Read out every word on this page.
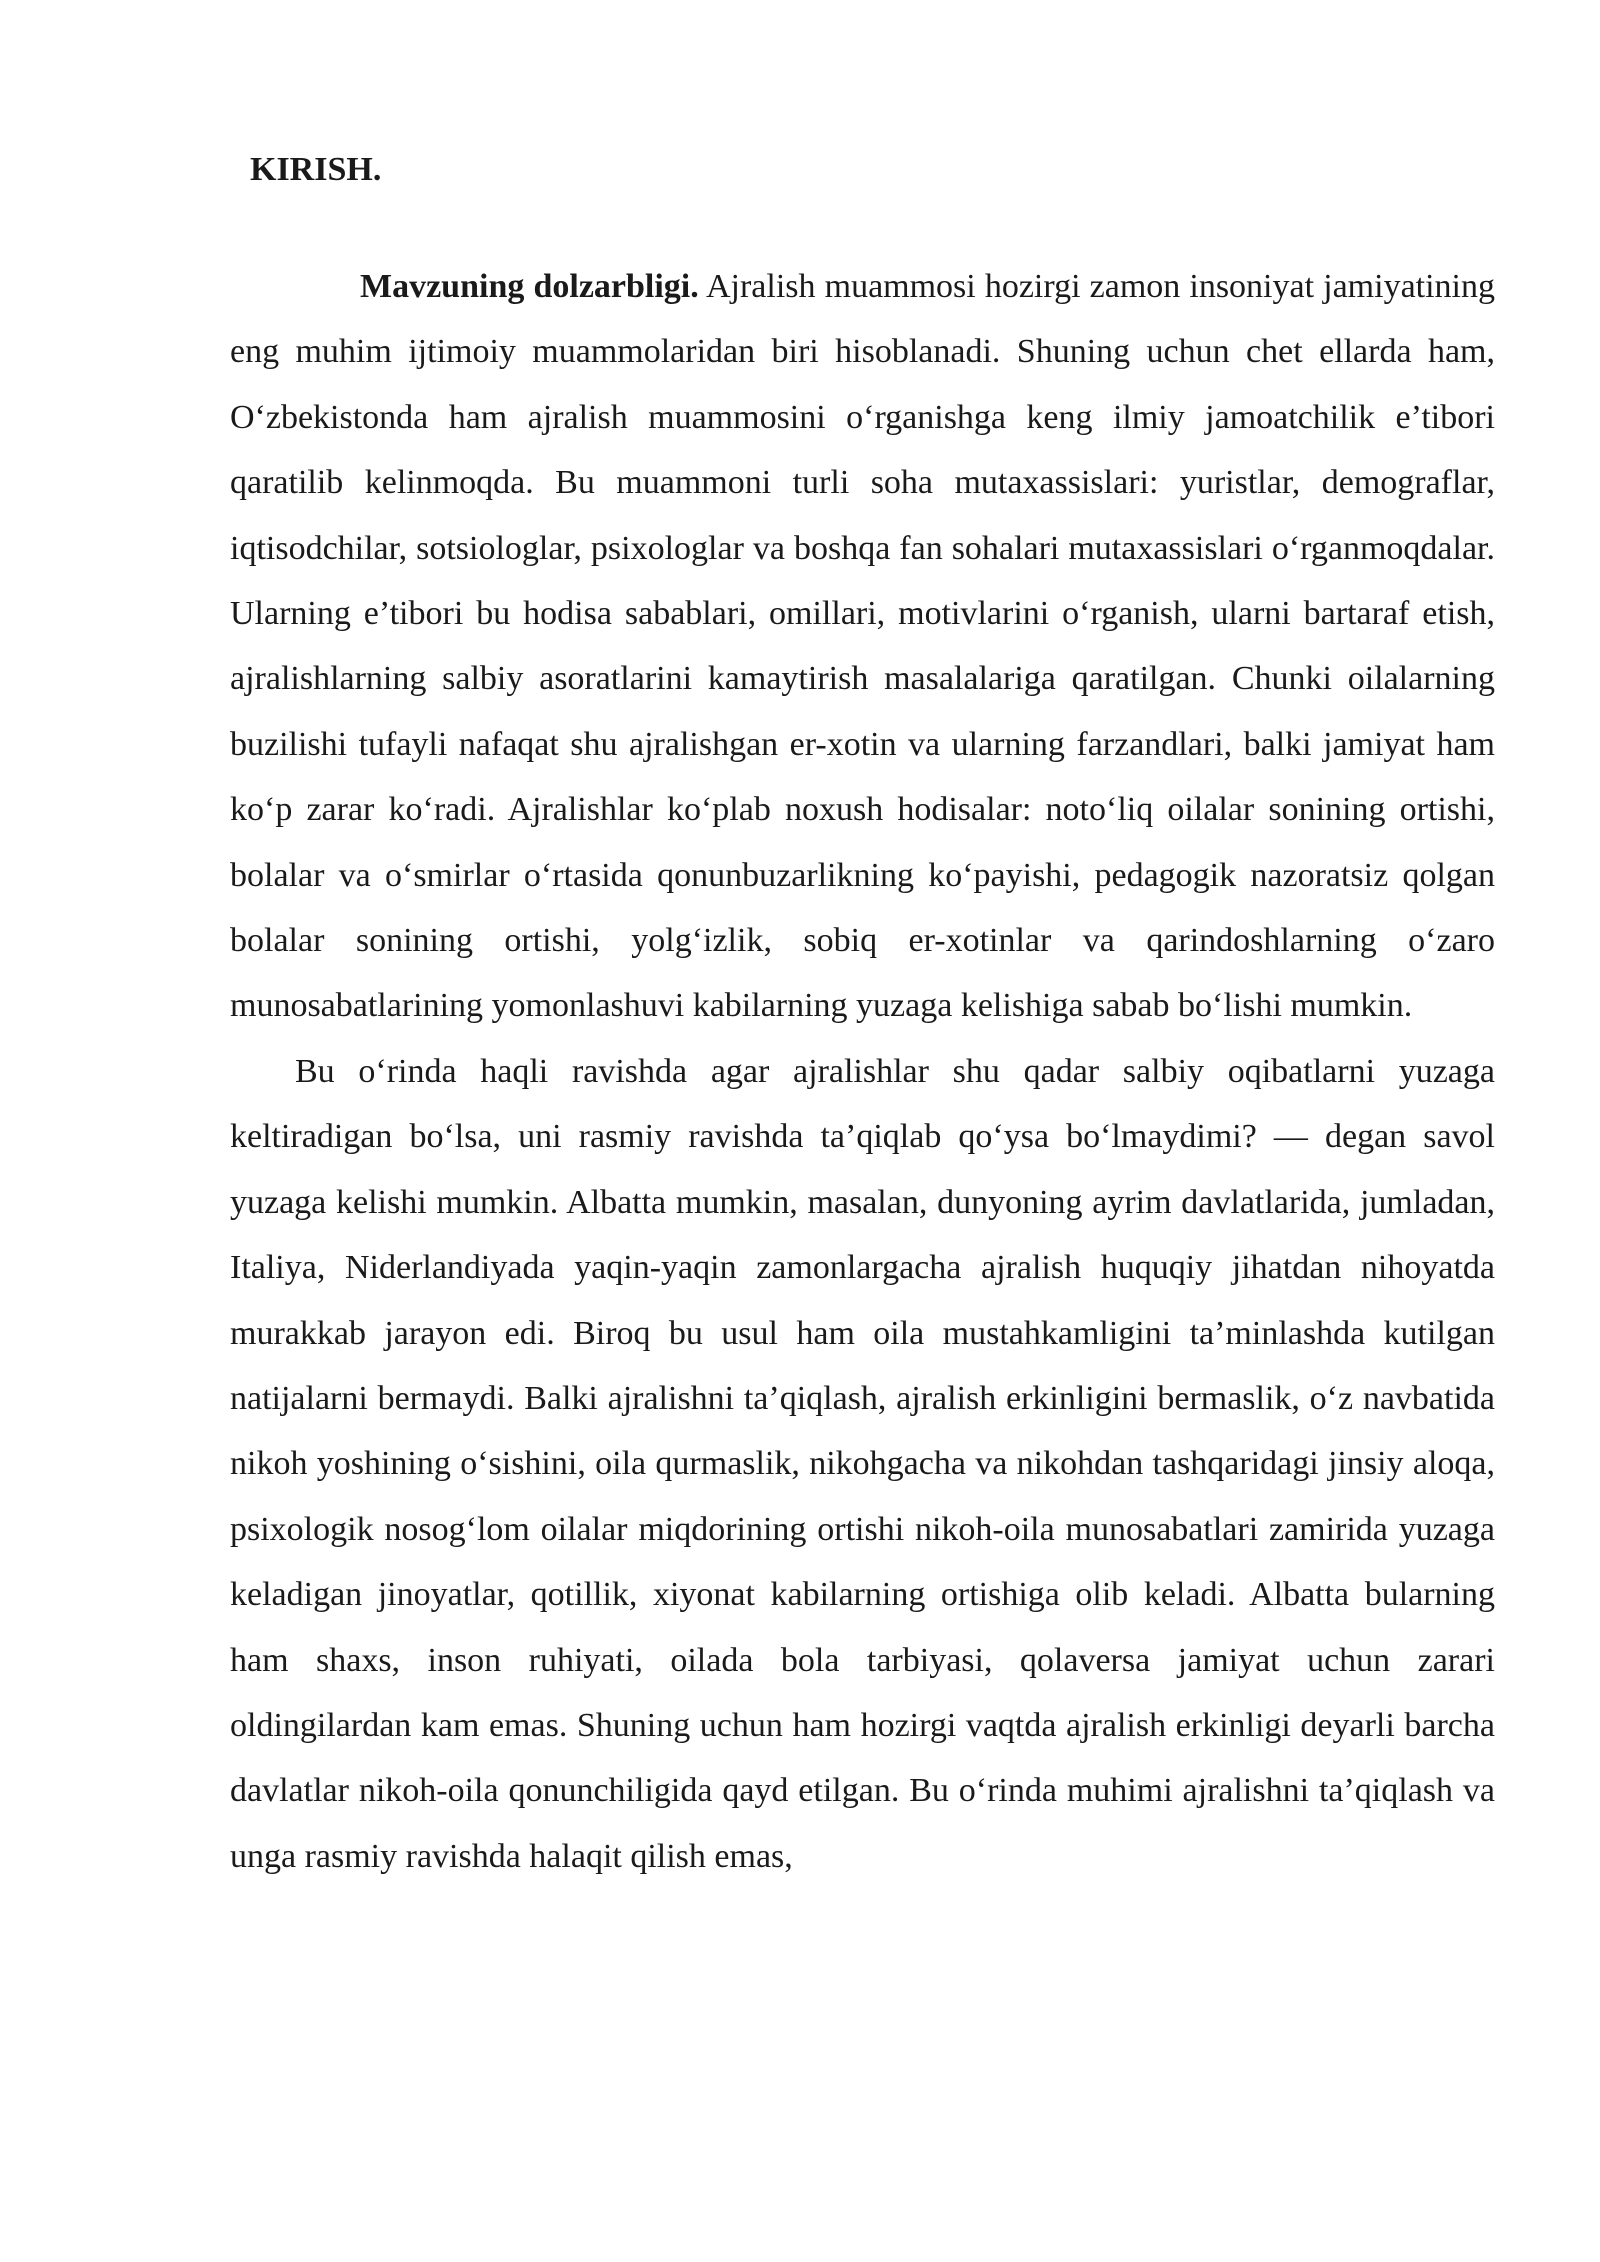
KIRISH.

Mavzuning dolzarbligi. Ajralish muammosi hozirgi zamon insoniyat jamiyatining eng muhim ijtimoiy muammolaridan biri hisoblanadi. Shuning uchun chet ellarda ham, O‘zbekistonda ham ajralish muammosini o‘rganishga keng ilmiy jamoatchilik e’tibori qaratilib kelinmoqda. Bu muammoni turli soha mutaxassislari: yuristlar, demograflar, iqtisodchilar, sotsiologlar, psixologlar va boshqa fan sohalari mutaxassislari o‘rganmoqdalar. Ularning e’tibori bu hodisa sabablari, omillari, motivlarini o‘rganish, ularni bartaraf etish, ajralishlarning salbiy asoratlarini kamaytirish masalalariga qaratilgan. Chunki oilalarning buzilishi tufayli nafaqat shu ajralishgan er-xotin va ularning farzandlari, balki jamiyat ham ko‘p zarar ko‘radi. Ajralishlar ko‘plab noxush hodisalar: noto‘liq oilalar sonining ortishi, bolalar va o‘smirlar o‘rtasida qonunbuzarlikning ko‘payishi, pedagogik nazoratsiz qolgan bolalar sonining ortishi, yolg‘izlik, sobiq er-xotinlar va qarindoshlarning o‘zaro munosabatlarining yomonlashuvi kabilarning yuzaga kelishiga sabab bo‘lishi mumkin.

Bu o‘rinda haqli ravishda agar ajralishlar shu qadar salbiy oqibatlarni yuzaga keltiradigan bo‘lsa, uni rasmiy ravishda ta’qiqlab qo‘ysa bo‘lmaydimi? — degan savol yuzaga kelishi mumkin. Albatta mumkin, masalan, dunyoning ayrim davlatlarida, jumladan, Italiya, Niderlandiyada yaqin-yaqin zamonlargacha ajralish huquqiy jihatdan nihoyatda murakkab jarayon edi. Biroq bu usul ham oila mustahkamligini ta’minlashda kutilgan natijalarni bermaydi. Balki ajralishni ta’qiqlash, ajralish erkinligini bermaslik, o‘z navbatida nikoh yoshining o‘sishini, oila qurmaslik, nikohgacha va nikohdan tashqaridagi jinsiy aloqa, psixologik nosog‘lom oilalar miqdorining ortishi nikoh-oila munosabatlari zamirida yuzaga keladigan jinoyatlar, qotillik, xiyonat kabilarning ortishiga olib keladi. Albatta bularning ham shaxs, inson ruhiyati, oilada bola tarbiyasi, qolaversa jamiyat uchun zarari oldingilardan kam emas. Shuning uchun ham hozirgi vaqtda ajralish erkinligi deyarli barcha davlatlar nikoh-oila qonunchiligida qayd etilgan. Bu o‘rinda muhimi ajralishni ta’qiqlash va unga rasmiy ravishda halaqit qilish emas,
